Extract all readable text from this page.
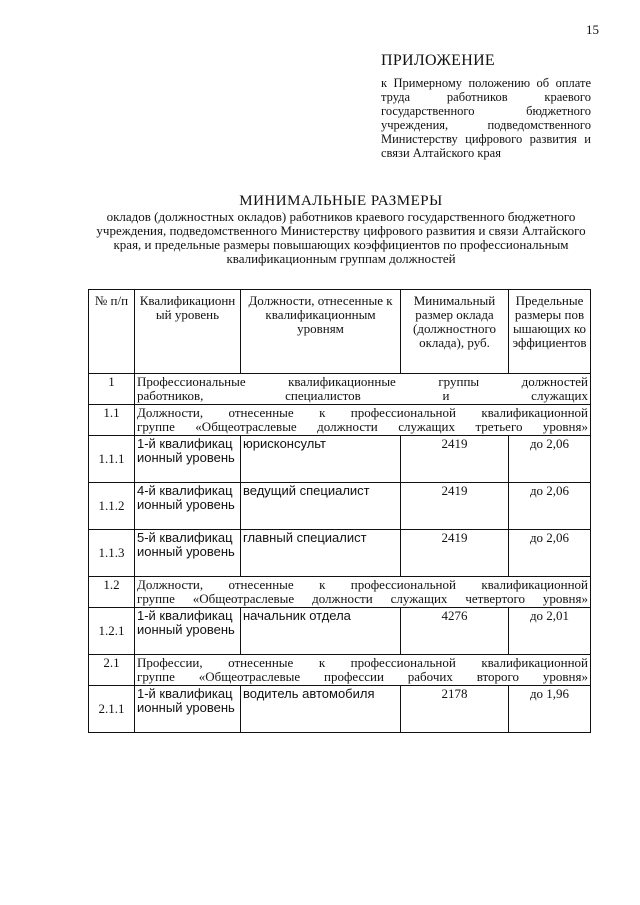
15
ПРИЛОЖЕНИЕ
к Примерному положению об оплате труда работников краевого государственного бюджетного учреждения, подведомственного Министерству цифрового развития и связи Алтайского края
МИНИМАЛЬНЫЕ РАЗМЕРЫ
окладов (должностных окладов) работников краевого государственного бюджетного учреждения, подведомственного Министерству цифрового развития и связи Алтайского края, и предельные размеры повышающих коэффициентов по профессиональным квалификационным группам должностей
№ п/п	Квалификационный уровень	Должности, отнесенные к квалификационным уровням	Минимальный размер оклада (должностного оклада), руб.	Предельные размеры повышающих коэффициентов
1	Профессиональные квалификационные группы должностей
работников, специалистов и служащих			

1.1	Должности, отнесенные к профессиональной квалификационной
группе «Общеотраслевые должности служащих третьего уровня»			

1.1.1	1-й квалификационный уровень	юрисконсульт	2419	до 2,06
1.1.2	4-й квалификационный уровень	ведущий специалист	2419	до 2,06
1.1.3	5-й квалификационный уровень	главный специалист	2419	до 2,06
1.2	Должности, отнесенные к профессиональной квалификационной
группе «Общеотраслевые должности служащих четвертого уровня»			

1.2.1	1-й квалификационный уровень	начальник отдела	4276	до 2,01
2.1	Профессии, отнесенные к профессиональной квалификационной
группе «Общеотраслевые профессии рабочих второго уровня»			

2.1.1	1-й квалификационный уровень	водитель автомобиля	2178	до 1,96
